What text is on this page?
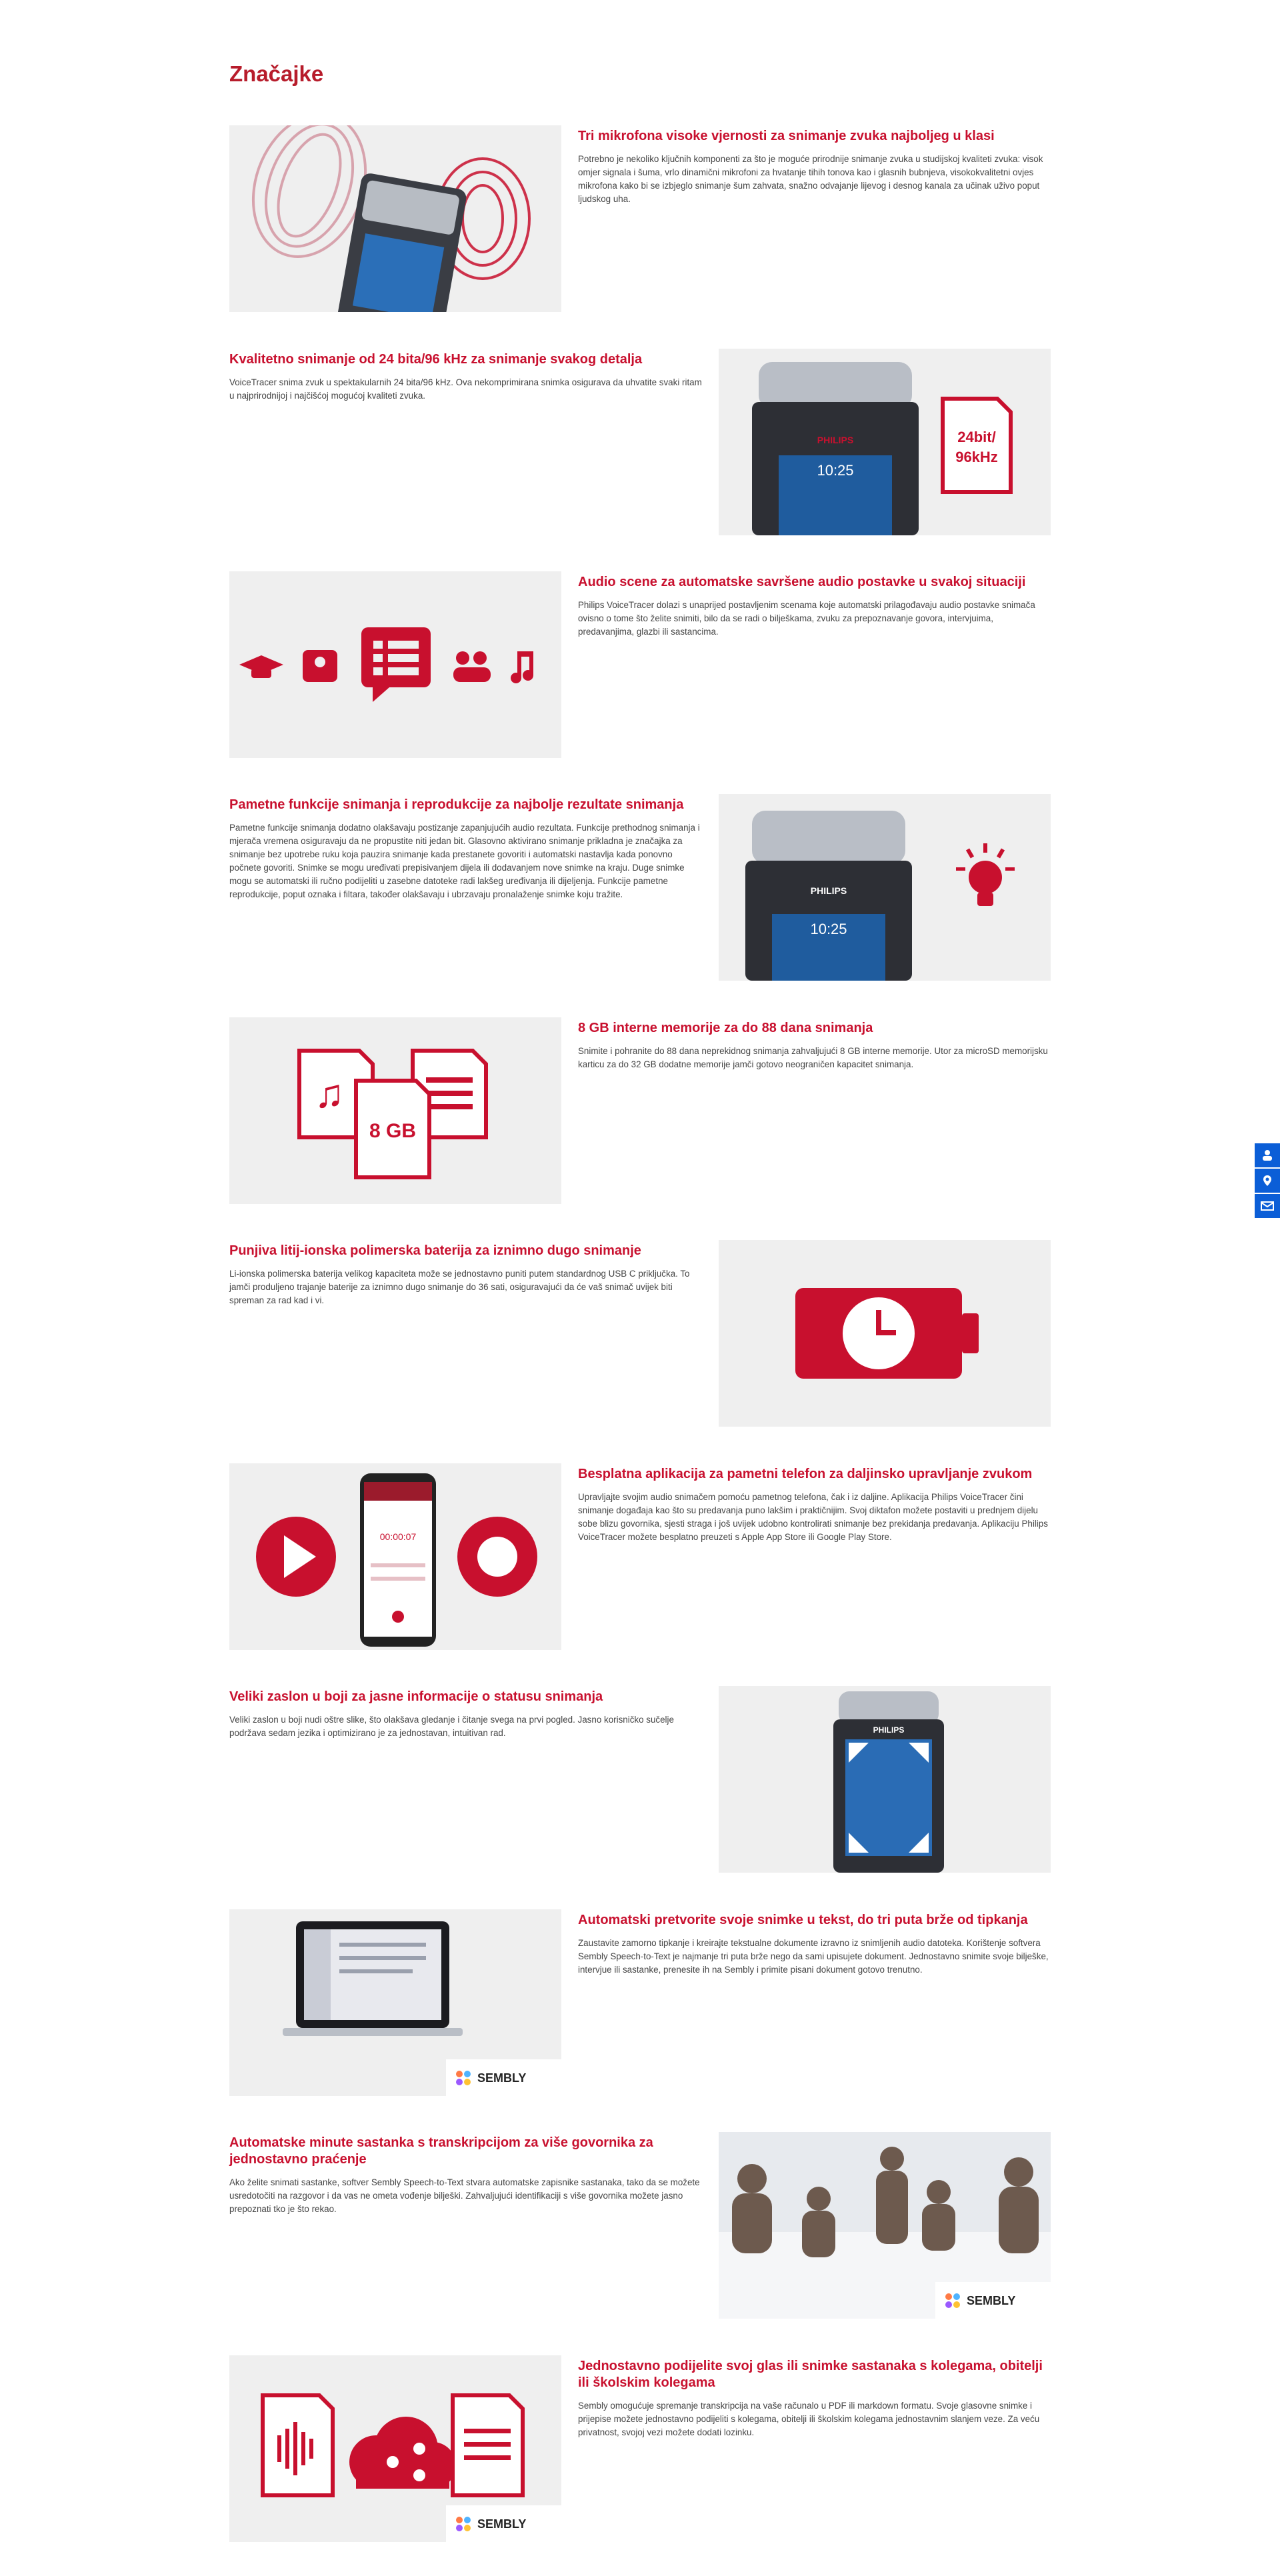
Značajke
Tri mikrofona visoke vjernosti za snimanje zvuka najboljeg u klasi

Potrebno je nekoliko ključnih komponenti za što je moguće prirodnije snimanje zvuka u studijskoj kvaliteti zvuka: visok omjer signala i šuma, vrlo dinamični mikrofoni za hvatanje tihih tonova kao i glasnih bubnjeva, visokokvalitetni ovjes mikrofona kako bi se izbjeglo snimanje šum zahvata, snažno odvajanje lijevog i desnog kanala za učinak uživo poput ljudskog uha.

Kvalitetno snimanje od 24 bita/96 kHz za snimanje svakog detalja

VoiceTracer snima zvuk u spektakularnih 24 bita/96 kHz. Ova nekomprimirana snimka osigurava da uhvatite svaki ritam u najprirodnijoj i najčišćoj mogućoj kvaliteti zvuka.

PHILIPS
10:25
24bit/
96kHz
Audio scene za automatske savršene audio postavke u svakoj situaciji

Philips VoiceTracer dolazi s unaprijed postavljenim scenama koje automatski prilagođavaju audio postavke snimača ovisno o tome što želite snimiti, bilo da se radi o bilješkama, zvuku za prepoznavanje govora, intervjuima, predavanjima, glazbi ili sastancima.

Pametne funkcije snimanja i reprodukcije za najbolje rezultate snimanja

Pametne funkcije snimanja dodatno olakšavaju postizanje zapanjujućih audio rezultata. Funkcije prethodnog snimanja i mjerača vremena osiguravaju da ne propustite niti jedan bit. Glasovno aktivirano snimanje prikladna je značajka za snimanje bez upotrebe ruku koja pauzira snimanje kada prestanete govoriti i automatski nastavlja kada ponovno počnete govoriti. Snimke se mogu uređivati prepisivanjem dijela ili dodavanjem nove snimke na kraju. Duge snimke mogu se automatski ili ručno podijeliti u zasebne datoteke radi lakšeg uređivanja ili dijeljenja. Funkcije pametne reprodukcije, poput oznaka i filtara, također olakšavaju i ubrzavaju pronalaženje snimke koju tražite.	PHILIPS
10:25
♫
8 GB
8 GB interne memorije za do 88 dana snimanja

Snimite i pohranite do 88 dana neprekidnog snimanja zahvaljujući 8 GB interne memorije. Utor za microSD memorijsku karticu za do 32 GB dodatne memorije jamči gotovo neograničen kapacitet snimanja.

Punjiva litij-ionska polimerska baterija za iznimno dugo snimanje

Li-ionska polimerska baterija velikog kapaciteta može se jednostavno puniti putem standardnog USB C priključka. To jamči produljeno trajanje baterije za iznimno dugo snimanje do 36 sati, osiguravajući da će vaš snimač uvijek biti spreman za rad kad i vi.

00:00:07
Besplatna aplikacija za pametni telefon za daljinsko upravljanje zvukom

Upravljajte svojim audio snimačem pomoću pametnog telefona, čak i iz daljine. Aplikacija Philips VoiceTracer čini snimanje događaja kao što su predavanja puno lakšim i praktičnijim. Svoj diktafon možete postaviti u prednjem dijelu sobe blizu govornika, sjesti straga i još uvijek udobno kontrolirati snimanje bez prekidanja predavanja. Aplikaciju Philips VoiceTracer možete besplatno preuzeti s Apple App Store ili Google Play Store.

Veliki zaslon u boji za jasne informacije o statusu snimanja

Veliki zaslon u boji nudi oštre slike, što olakšava gledanje i čitanje svega na prvi pogled. Jasno korisničko sučelje podržava sedam jezika i optimizirano je za jednostavan, intuitivan rad.	PHILIPS
SEMBLY
Automatski pretvorite svoje snimke u tekst, do tri puta brže od tipkanja

Zaustavite zamorno tipkanje i kreirajte tekstualne dokumente izravno iz snimljenih audio datoteka. Korištenje softvera Sembly Speech-to-Text je najmanje tri puta brže nego da sami upisujete dokument. Jednostavno snimite svoje bilješke, intervjue ili sastanke, prenesite ih na Sembly i primite pisani dokument gotovo trenutno.

Automatske minute sastanka s transkripcijom za više govornika za jednostavno praćenje

Ako želite snimati sastanke, softver Sembly Speech-to-Text stvara automatske zapisnike sastanaka, tako da se možete usredotočiti na razgovor i da vas ne ometa vođenje bilješki. Zahvaljujući identifikaciji s više govornika možete jasno prepoznati tko je što rekao.

SEMBLY
SEMBLY
Jednostavno podijelite svoj glas ili snimke sastanaka s kolegama, obitelji ili školskim kolegama

Sembly omogućuje spremanje transkripcija na vaše računalo u PDF ili markdown formatu. Svoje glasovne snimke i prijepise možete jednostavno podijeliti s kolegama, obitelji ili školskim kolegama jednostavnim slanjem veze. Za veću privatnost, svojoj vezi možete dodati lozinku.
